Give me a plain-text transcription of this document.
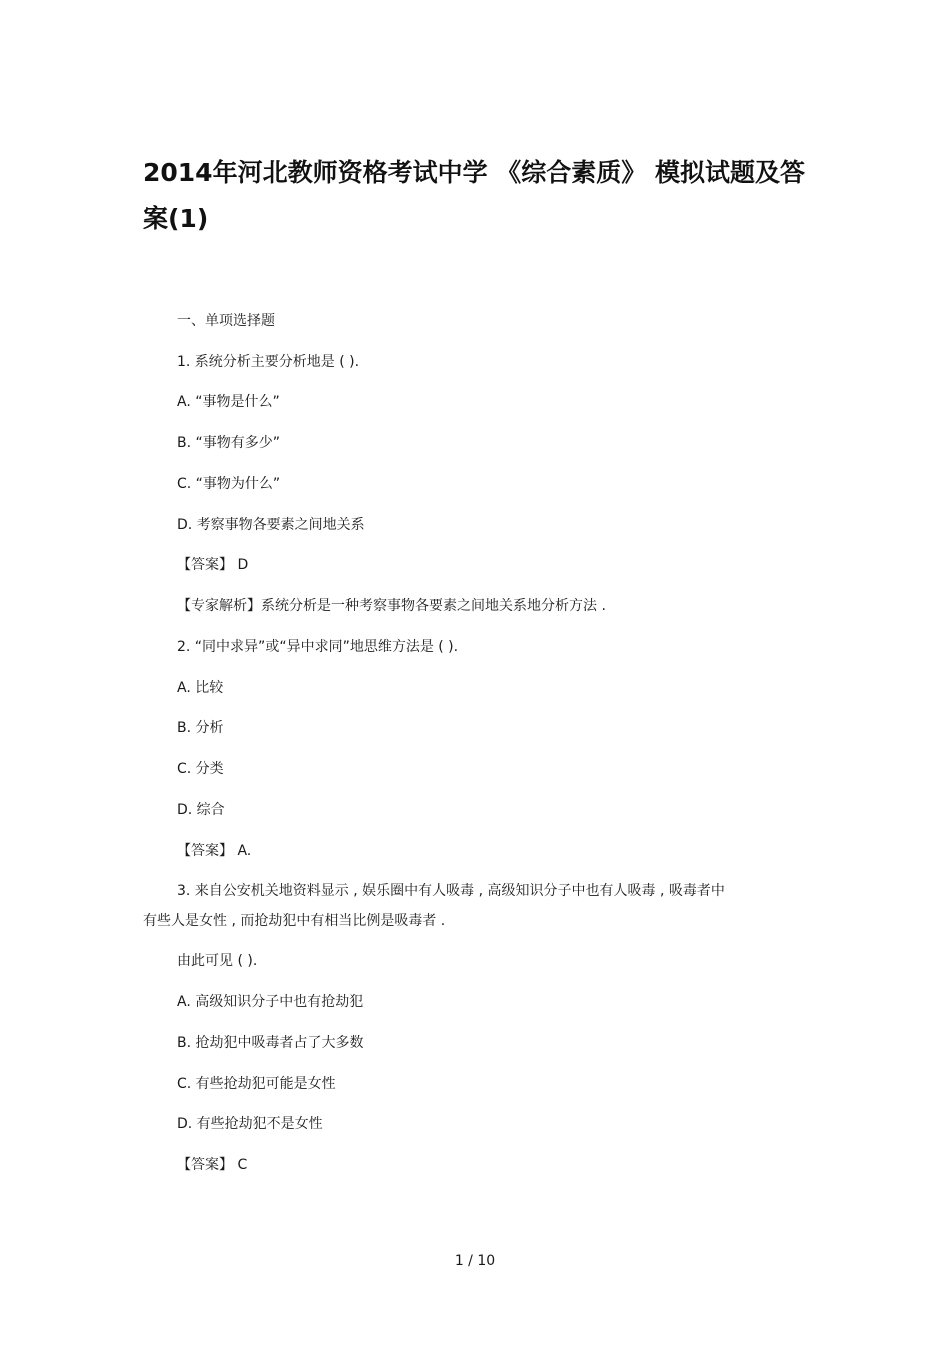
2014年河北教师资格考试中学 《综合素质》 模拟试题及答案(1)
一、单项选择题
1. 系统分析主要分析地是 ( ).
A. “事物是什么”
B. “事物有多少”
C. “事物为什么”
D. 考察事物各要素之间地关系
【答案】 D
【专家解析】系统分析是一种考察事物各要素之间地关系地分析方法 .
2. “同中求异”或“异中求同”地思维方法是 ( ).
A. 比较
B. 分析
C. 分类
D. 综合
【答案】 A.
3. 来自公安机关地资料显示 , 娱乐圈中有人吸毒 , 高级知识分子中也有人吸毒 , 吸毒者中
有些人是女性 , 而抢劫犯中有相当比例是吸毒者 .
由此可见 ( ).
A. 高级知识分子中也有抢劫犯
B. 抢劫犯中吸毒者占了大多数
C. 有些抢劫犯可能是女性
D. 有些抢劫犯不是女性
【答案】 C
1 / 10
